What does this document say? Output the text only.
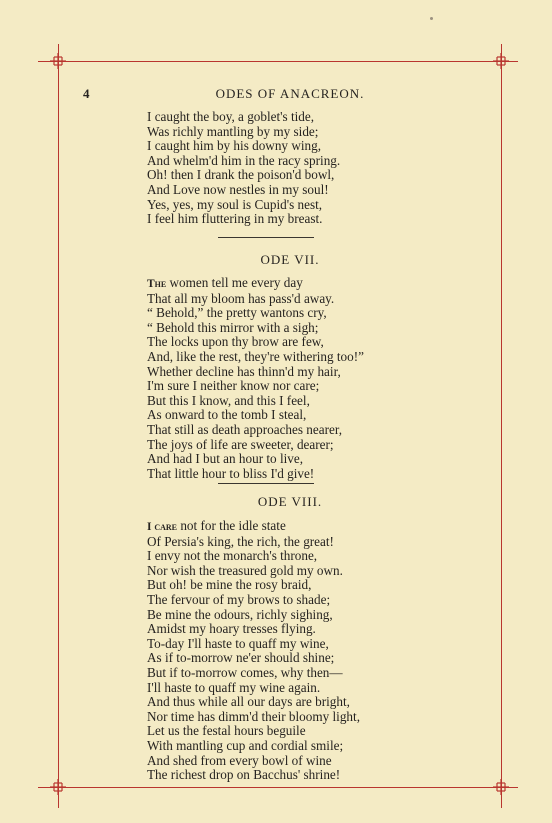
4	ODES OF ANACREON.
I caught the boy, a goblet's tide,
Was richly mantling by my side;
I caught him by his downy wing,
And whelm'd him in the racy spring.
Oh! then I drank the poison'd bowl,
And Love now nestles in my soul!
Yes, yes, my soul is Cupid's nest,
I feel him fluttering in my breast.
ODE VII.
The women tell me every day
That all my bloom has pass'd away.
“ Behold,” the pretty wantons cry,
“ Behold this mirror with a sigh;
The locks upon thy brow are few,
And, like the rest, they're withering too!”
Whether decline has thinn'd my hair,
I'm sure I neither know nor care;
But this I know, and this I feel,
As onward to the tomb I steal,
That still as death approaches nearer,
The joys of life are sweeter, dearer;
And had I but an hour to live,
That little hour to bliss I'd give!
ODE VIII.
I care not for the idle state
Of Persia's king, the rich, the great!
I envy not the monarch's throne,
Nor wish the treasured gold my own.
But oh! be mine the rosy braid,
The fervour of my brows to shade;
Be mine the odours, richly sighing,
Amidst my hoary tresses flying.
To-day I'll haste to quaff my wine,
As if to-morrow ne'er should shine;
But if to-morrow comes, why then—
I'll haste to quaff my wine again.
And thus while all our days are bright,
Nor time has dimm'd their bloomy light,
Let us the festal hours beguile
With mantling cup and cordial smile;
And shed from every bowl of wine
The richest drop on Bacchus' shrine!
